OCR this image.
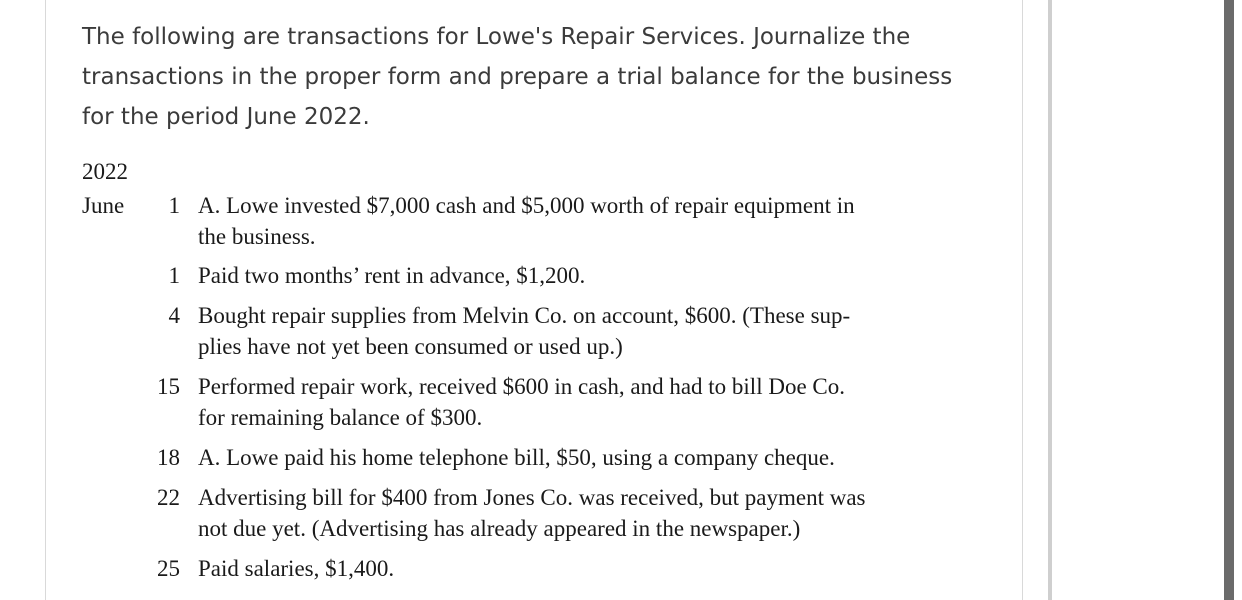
The following are transactions for Lowe's Repair Services. Journalize the transactions in the proper form and prepare a trial balance for the business for the period June 2022.

2022
June	1 A. Lowe invested $7,000 cash and $5,000 worth of repair equipment in
the business.
1 Paid two months’ rent in advance, $1,200.
4 Bought repair supplies from Melvin Co. on account, $600. (These sup-
plies have not yet been consumed or used up.)
15 Performed repair work, received $600 in cash, and had to bill Doe Co.
for remaining balance of $300.
18 A. Lowe paid his home telephone bill, $50, using a company cheque.
22 Advertising bill for $400 from Jones Co. was received, but payment was
not due yet. (Advertising has already appeared in the newspaper.)
25 Paid salaries, $1,400.
